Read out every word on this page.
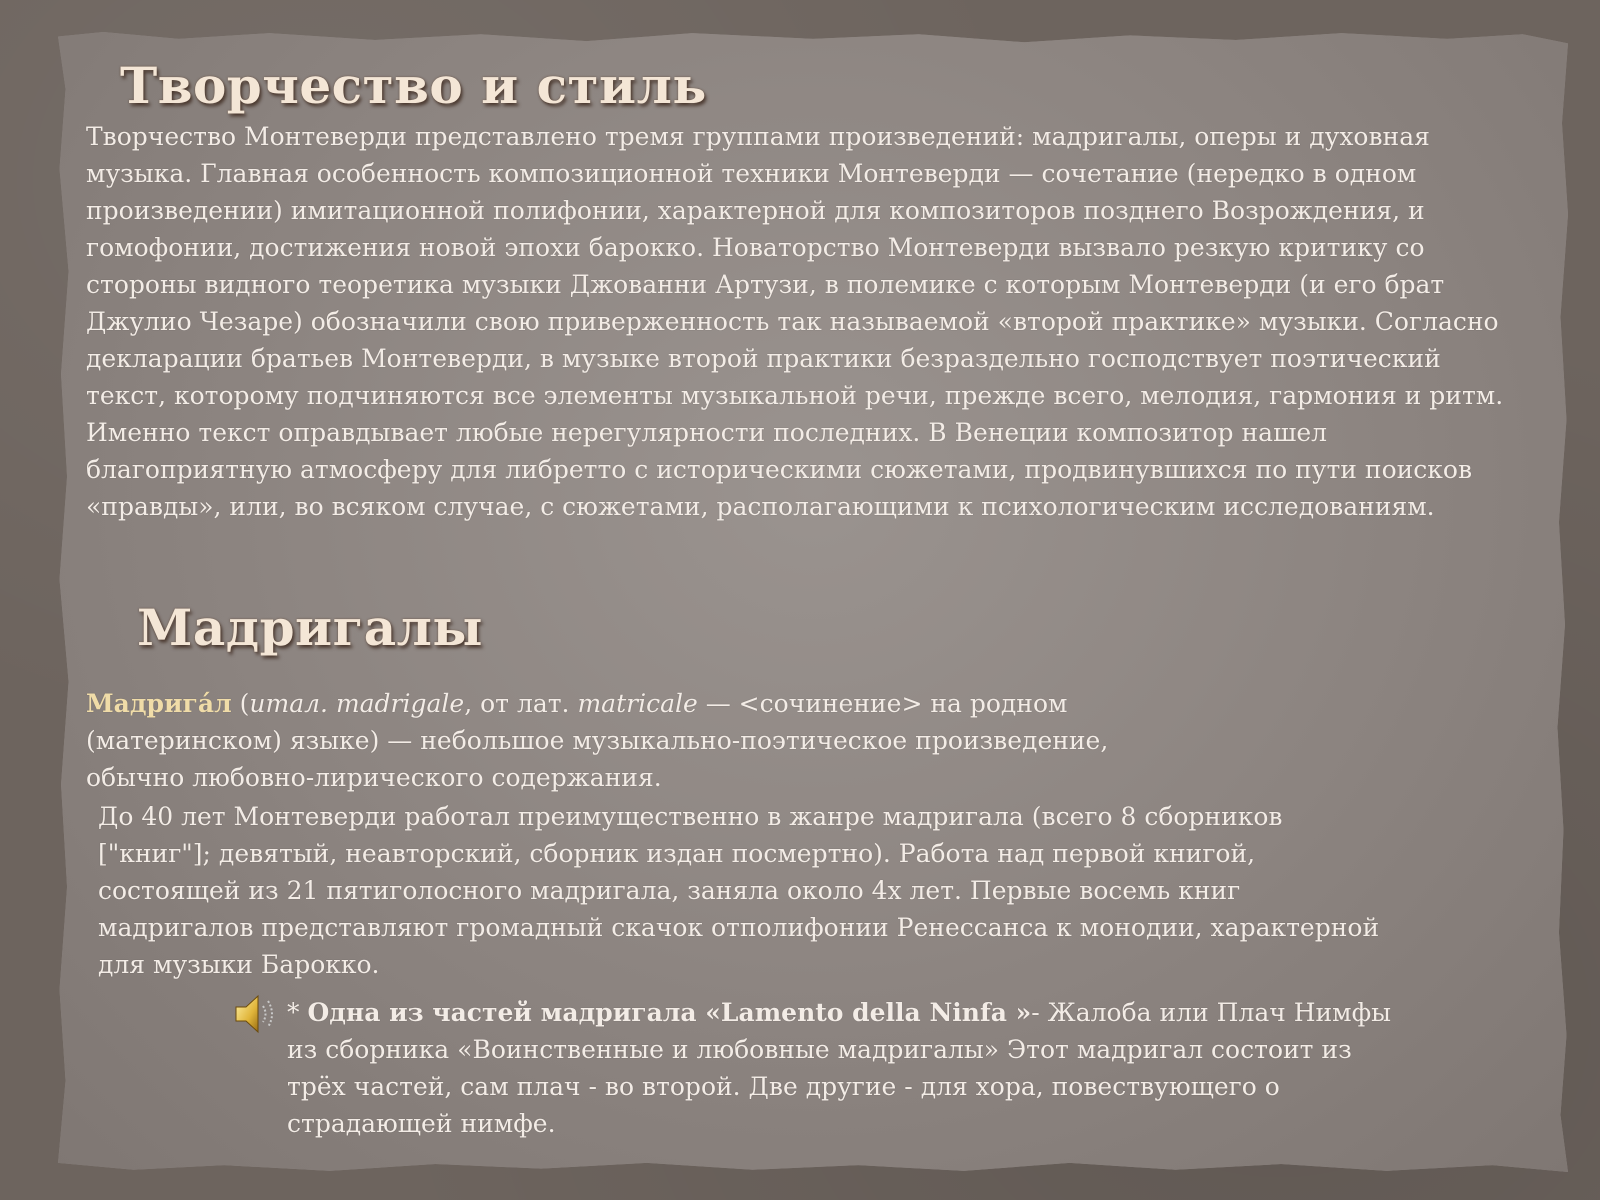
Творчество и стиль

Творчество Монтеверди представлено тремя группами произведений: мадригалы, оперы и духовная музыка. Главная особенность композиционной техники Монтеверди — сочетание (нередко в одном произведении) имитационной полифонии, характерной для композиторов позднего Возрождения, и гомофонии, достижения новой эпохи барокко. Новаторство Монтеверди вызвало резкую критику со стороны видного теоретика музыки Джованни Артузи, в полемике с которым Монтеверди (и его брат Джулио Чезаре) обозначили свою приверженность так называемой «второй практике» музыки. Согласно декларации братьев Монтеверди, в музыке второй практики безраздельно господствует поэтический текст, которому подчиняются все элементы музыкальной речи, прежде всего, мелодия, гармония и ритм. Именно текст оправдывает любые нерегулярности последних. В Венеции композитор нашел благоприятную атмосферу для либретто с историческими сюжетами, продвинувшихся по пути поисков «правды», или, во всяком случае, с сюжетами, располагающими к психологическим исследованиям.

Мадригалы

Мадрига́л (итал. madrigale, от лат. matricale — <сочинение> на родном (материнском) языке) — небольшое музыкально-поэтическое произведение, обычно любовно-лирического содержания.

До 40 лет Монтеверди работал преимущественно в жанре мадригала (всего 8 сборников ["книг"]; девятый, неавторский, сборник издан посмертно). Работа над первой книгой, состоящей из 21 пятиголосного мадригала, заняла около 4х лет. Первые восемь книг мадригалов представляют громадный скачок отполифонии Ренессанса к монодии, характерной для музыки Барокко.

* Одна из частей мадригала «Lamento della Ninfa »- Жалоба или Плач Нимфы из сборника «Воинственные и любовные мадригалы» Этот мадригал состоит из трёх частей, сам плач - во второй. Две другие - для хора, повествующего о страдающей нимфе.
